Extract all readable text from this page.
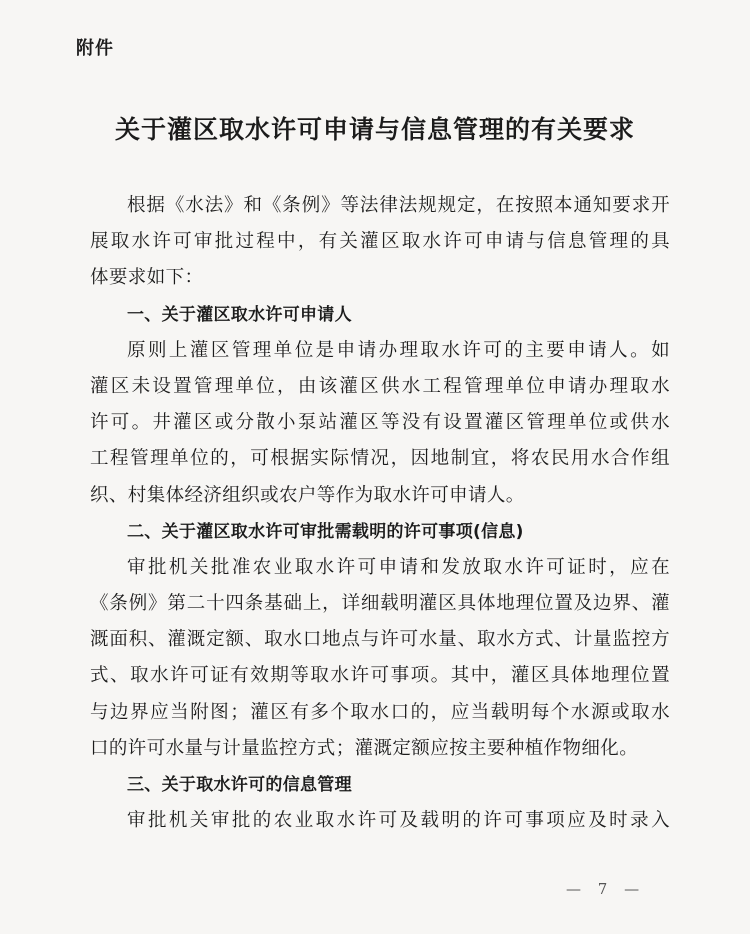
附件
关于灌区取水许可申请与信息管理的有关要求
根据《水法》和《条例》等法律法规规定，在按照本通知要求开
展取水许可审批过程中，有关灌区取水许可申请与信息管理的具
体要求如下：
一、关于灌区取水许可申请人
原则上灌区管理单位是申请办理取水许可的主要申请人。如
灌区未设置管理单位，由该灌区供水工程管理单位申请办理取水
许可。井灌区或分散小泵站灌区等没有设置灌区管理单位或供水
工程管理单位的，可根据实际情况，因地制宜，将农民用水合作组
织、村集体经济组织或农户等作为取水许可申请人。
二、关于灌区取水许可审批需载明的许可事项(信息)
审批机关批准农业取水许可申请和发放取水许可证时，应在
《条例》第二十四条基础上，详细载明灌区具体地理位置及边界、灌
溉面积、灌溉定额、取水口地点与许可水量、取水方式、计量监控方
式、取水许可证有效期等取水许可事项。其中，灌区具体地理位置
与边界应当附图；灌区有多个取水口的，应当载明每个水源或取水
口的许可水量与计量监控方式；灌溉定额应按主要种植作物细化。
三、关于取水许可的信息管理
审批机关审批的农业取水许可及载明的许可事项应及时录入
— 7 —
